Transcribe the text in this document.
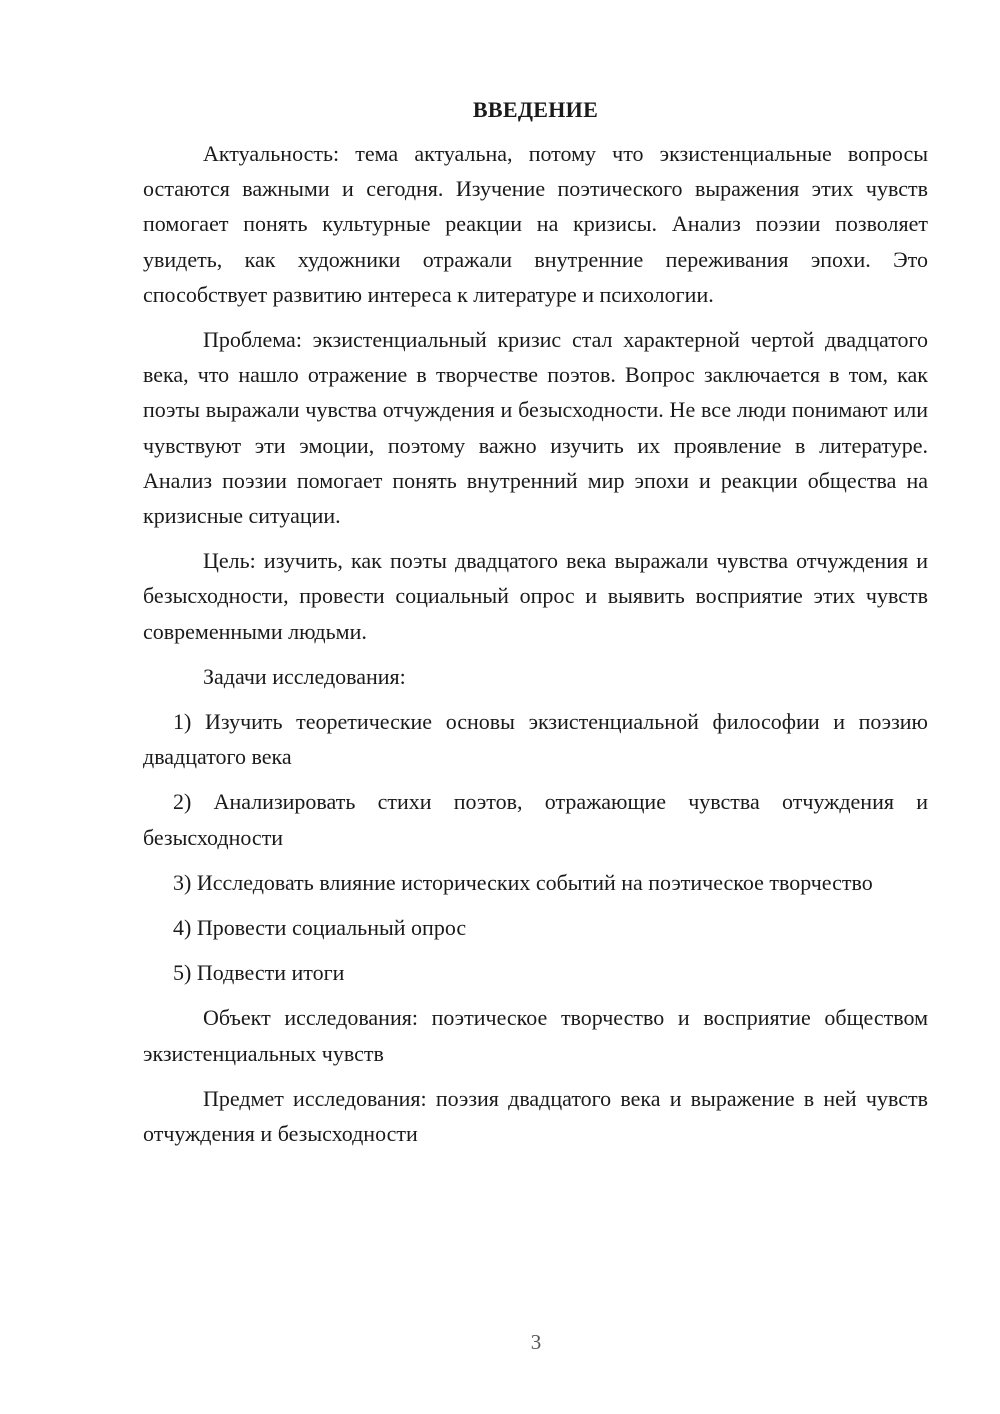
ВВЕДЕНИЕ

Актуальность: тема актуальна, потому что экзистенциальные вопросы остаются важными и сегодня. Изучение поэтического выражения этих чувств помогает понять культурные реакции на кризисы. Анализ поэзии позволяет увидеть, как художники отражали внутренние переживания эпохи. Это способствует развитию интереса к литературе и психологии.

Проблема: экзистенциальный кризис стал характерной чертой двадцатого века, что нашло отражение в творчестве поэтов. Вопрос заключается в том, как поэты выражали чувства отчуждения и безысходности. Не все люди понимают или чувствуют эти эмоции, поэтому важно изучить их проявление в литературе. Анализ поэзии помогает понять внутренний мир эпохи и реакции общества на кризисные ситуации.

Цель: изучить, как поэты двадцатого века выражали чувства отчуждения и безысходности, провести социальный опрос и выявить восприятие этих чувств современными людьми.

Задачи исследования:

1) Изучить теоретические основы экзистенциальной философии и поэзию двадцатого века

2) Анализировать стихи поэтов, отражающие чувства отчуждения и безысходности

3) Исследовать влияние исторических событий на поэтическое творчество

4) Провести социальный опрос

5) Подвести итоги

Объект исследования: поэтическое творчество и восприятие обществом экзистенциальных чувств

Предмет исследования: поэзия двадцатого века и выражение в ней чувств отчуждения и безысходности

3
